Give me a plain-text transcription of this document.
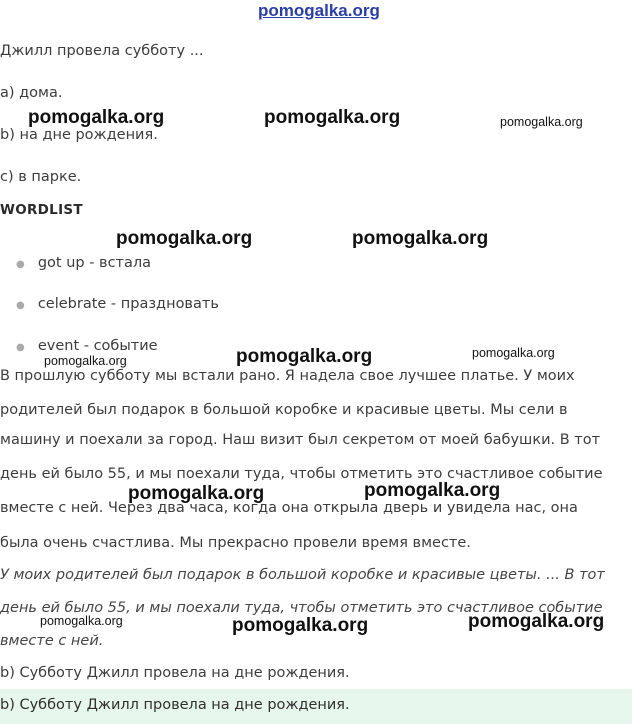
pomogalka.org
Джилл провела субботу ...
a) дома.
b) на дне рождения.
c) в парке.
WORDLIST
● got up - встала
● celebrate - праздновать
● event - событие
В прошлую субботу мы встали рано. Я надела свое лучшее платье. У моих
родителей был подарок в большой коробке и красивые цветы. Мы сели в
машину и поехали за город. Наш визит был секретом от моей бабушки. В тот
день ей было 55, и мы поехали туда, чтобы отметить это счастливое событие
вместе с ней. Через два часа, когда она открыла дверь и увидела нас, она
была очень счастлива. Мы прекрасно провели время вместе.
У моих родителей был подарок в большой коробке и красивые цветы. ... В тот
день ей было 55, и мы поехали туда, чтобы отметить это счастливое событие
вместе с ней.
b) Субботу Джилл провела на дне рождения.
b) Субботу Джилл провела на дне рождения.
pomogalka.org	pomogalka.org	pomogalka.org
pomogalka.org	pomogalka.org
pomogalka.org	pomogalka.org	pomogalka.org
pomogalka.org	pomogalka.org
pomogalka.org	pomogalka.org	pomogalka.org
